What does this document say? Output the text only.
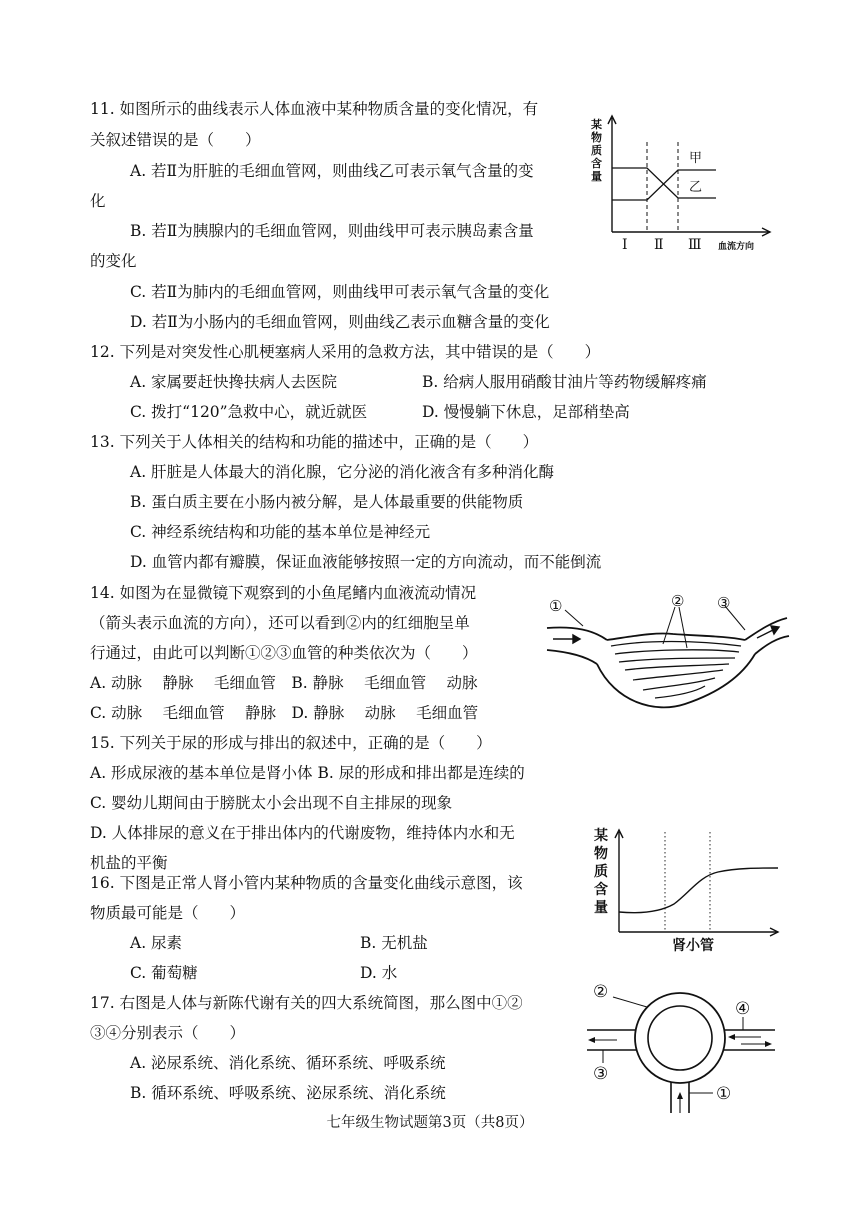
11. 如图所示的曲线表示人体血液中某种物质含量的变化情况，有
关叙述错误的是（　　）
A. 若Ⅱ为肝脏的毛细血管网，则曲线乙可表示氧气含量的变
化
B. 若Ⅱ为胰腺内的毛细血管网，则曲线甲可表示胰岛素含量
的变化
C. 若Ⅱ为肺内的毛细血管网，则曲线甲可表示氧气含量的变化
D. 若Ⅱ为小肠内的毛细血管网，则曲线乙表示血糖含量的变化
某
物
质
含
量
甲
乙
Ⅰ Ⅱ Ⅲ 血流方向
12. 下列是对突发性心肌梗塞病人采用的急救方法，其中错误的是（　　）
A. 家属要赶快搀扶病人去医院	B. 给病人服用硝酸甘油片等药物缓解疼痛
C. 拨打“120”急救中心，就近就医	D. 慢慢躺下休息，足部稍垫高
13. 下列关于人体相关的结构和功能的描述中，正确的是（　　）
A. 肝脏是人体最大的消化腺，它分泌的消化液含有多种消化酶
B. 蛋白质主要在小肠内被分解，是人体最重要的供能物质
C. 神经系统结构和功能的基本单位是神经元
D. 血管内都有瓣膜，保证血液能够按照一定的方向流动，而不能倒流
14. 如图为在显微镜下观察到的小鱼尾鳍内血液流动情况
（箭头表示血流的方向），还可以看到②内的红细胞呈单
行通过，由此可以判断①②③血管的种类依次为（　　）
A. 动脉　 静脉　 毛细血管　B. 静脉　 毛细血管　 动脉
C. 动脉　 毛细血管　 静脉　D. 静脉　 动脉　 毛细血管
①	② ③
15. 下列关于尿的形成与排出的叙述中，正确的是（　　）
A. 形成尿液的基本单位是肾小体 B. 尿的形成和排出都是连续的
C. 婴幼儿期间由于膀胱太小会出现不自主排尿的现象
D. 人体排尿的意义在于排出体内的代谢废物，维持体内水和无
机盐的平衡
某
物
质
含
量
肾小管
16. 下图是正常人肾小管内某种物质的含量变化曲线示意图，该
物质最可能是（　　）
A. 尿素	B. 无机盐
C. 葡萄糖	D. 水
17. 右图是人体与新陈代谢有关的四大系统简图，那么图中①②
③④分别表示（　　）
A. 泌尿系统、消化系统、循环系统、呼吸系统
B. 循环系统、呼吸系统、泌尿系统、消化系统
②
④
③
①
七年级生物试题第3页（共8页）
